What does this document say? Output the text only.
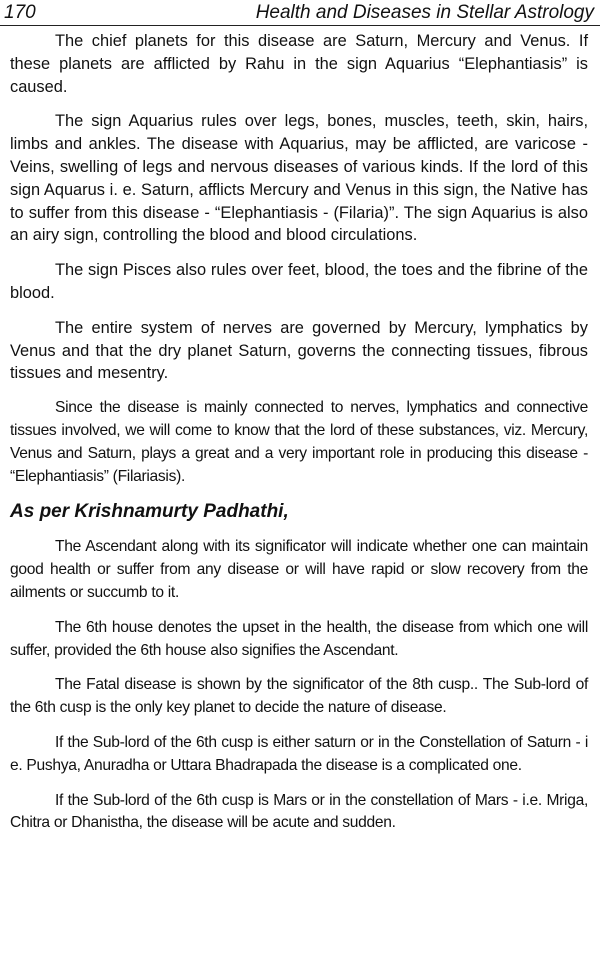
170	Health and Diseases in Stellar Astrology

The chief planets for this disease are Saturn, Mercury and Venus. If these planets are afflicted by Rahu in the sign Aquarius “Elephantiasis” is caused.

The sign Aquarius rules over legs, bones, muscles, teeth, skin, hairs, limbs and ankles. The disease with Aquarius, may be afflicted, are varicose - Veins, swelling of legs and nervous diseases of various kinds. If the lord of this sign Aquarus i. e. Saturn, afflicts Mercury and Venus in this sign, the Native has to suffer from this disease - “Elephantiasis - (Filaria)”. The sign Aquarius is also an airy sign, controlling the blood and blood circulations.

The sign Pisces also rules over feet, blood, the toes and the fibrine of the blood.

The entire system of nerves are governed by Mercury, lymphatics by Venus and that the dry planet Saturn, governs the connecting tissues, fibrous tissues and mesentry.

Since the disease is mainly connected to nerves, lymphatics and connective tissues involved, we will come to know that the lord of these substances, viz. Mercury, Venus and Saturn, plays a great and a very important role in producing this disease - “Elephantiasis” (Filariasis).

As per Krishnamurty Padhathi,

The Ascendant along with its significator will indicate whether one can maintain good health or suffer from any disease or will have rapid or slow recovery from the ailments or succumb to it.

The 6th house denotes the upset in the health, the disease from which one will suffer, provided the 6th house also signifies the Ascendant.

The Fatal disease is shown by the significator of the 8th cusp.. The Sub-lord of the 6th cusp is the only key planet to decide the nature of disease.

If the Sub-lord of the 6th cusp is either saturn or in the Constellation of Saturn - i e. Pushya, Anuradha or Uttara Bhadrapada the disease is a complicated one.

If the Sub-lord of the 6th cusp is Mars or in the constellation of Mars - i.e. Mriga, Chitra or Dhanistha, the disease will be acute and sudden.
